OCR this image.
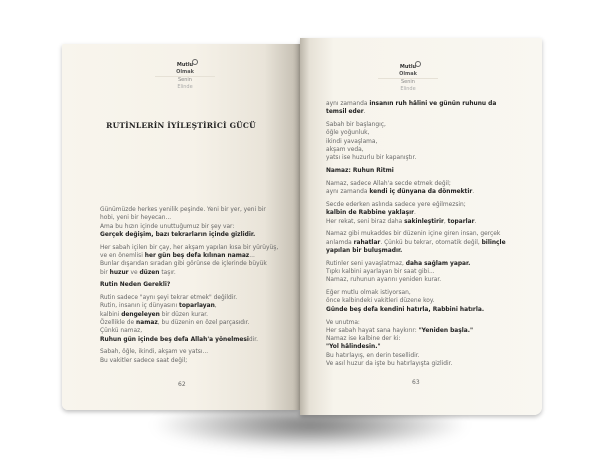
Mutlu
Olmak
Senin
Elinde
Mutlu
Olmak
Senin
Elinde
RUTİNLERİN İYİLEŞTİRİCİ GÜCÜ

Günümüzde herkes yenilik peşinde. Yeni bir yer, yeni bir
hobi, yeni bir heyecan...
Ama bu hızın içinde unuttuğumuz bir şey var:
Gerçek değişim, bazı tekrarların içinde gizlidir.

Her sabah içilen bir çay, her akşam yapılan kısa bir yürüyüş,
ve en önemlisi her gün beş defa kılınan namaz...
Bunlar dışarıdan sıradan gibi görünse de içlerinde büyük
bir huzur ve düzen taşır.

Rutin Neden Gerekli?

Rutin sadece "aynı şeyi tekrar etmek" değildir.
Rutin, insanın iç dünyasını toparlayan,
kalbini dengeleyen bir düzen kurar.
Özellikle de namaz, bu düzenin en özel parçasıdır.
Çünkü namaz,
Ruhun gün içinde beş defa Allah'a yönelmesidir.

Sabah, öğle, ikindi, akşam ve yatsı...
Bu vakitler sadece saat değil;

62

aynı zamanda insanın ruh hâlini ve günün ruhunu da
temsil eder.

Sabah bir başlangıç,
öğle yoğunluk,
ikindi yavaşlama,
akşam veda,
yatsı ise huzurlu bir kapanıştır.

Namaz: Ruhun Ritmi

Namaz, sadece Allah'a secde etmek değil;
aynı zamanda kendi iç dünyana da dönmektir.

Secde ederken aslında sadece yere eğilmezsin;
kalbin de Rabbine yaklaşır.
Her rekat, seni biraz daha sakinleştirir, toparlar.

Namaz gibi mukaddes bir düzenin içine giren insan, gerçek
anlamda rahatlar. Çünkü bu tekrar, otomatik değil, bilinçle
yapılan bir buluşmadır.

Rutinler seni yavaşlatmaz, daha sağlam yapar.
Tıpkı kalbini ayarlayan bir saat gibi...
Namaz, ruhunun ayarını yeniden kurar.

Eğer mutlu olmak istiyorsan,
önce kalbindeki vakitleri düzene koy.
Günde beş defa kendini hatırla, Rabbini hatırla.

Ve unutma:
Her sabah hayat sana haykırır: "Yeniden başla."
Namaz ise kalbine der ki:
"Yol hâlindesin."
Bu hatırlayış, en derin tesellidir.
Ve asıl huzur da işte bu hatırlayışta gizlidir.

63
